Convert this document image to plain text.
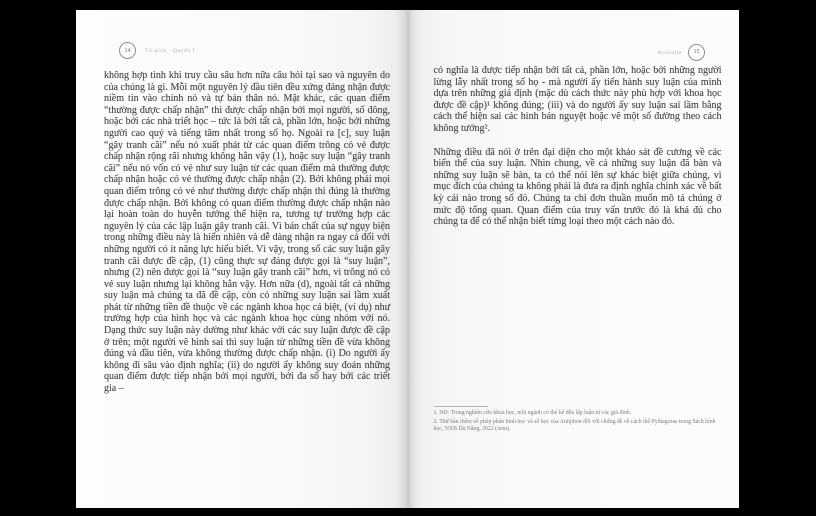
14	Tô-pích · Quyển I
không hợp tình khi truy cầu sâu hơn nữa câu hỏi tại sao và nguyên do của chúng là gì. Mỗi một nguyên lý đầu tiên đều xứng đáng nhận được niềm tin vào chính nó và tự bản thân nó. Mặt khác, các quan điểm “thường được chấp nhận” thì được chấp nhận bởi mọi người, số đông, hoặc bởi các nhà triết học – tức là bởi tất cả, phần lớn, hoặc bởi những người cao quý và tiếng tăm nhất trong số họ. Ngoài ra [c], suy luận “gây tranh cãi” nếu nó xuất phát từ các quan điểm trông có vẻ được chấp nhận rộng rãi nhưng không hẳn vậy (1), hoặc suy luận “gây tranh cãi” nếu nó vốn có vẻ như suy luận từ các quan điểm mà thường được chấp nhận hoặc có vẻ thường được chấp nhận (2). Bởi không phải mọi quan điểm trông có vẻ như thường được chấp nhận thì đúng là thường được chấp nhận. Bởi không có quan điểm thường được chấp nhận nào lại hoàn toàn do huyễn tưởng thể hiện ra, tương tự trường hợp các nguyên lý của các lập luận gây tranh cãi. Vì bản chất của sự ngụy biện trong những điều này là hiển nhiên và dễ dàng nhận ra ngay cả đối với những người có ít năng lực hiểu biết. Vì vậy, trong số các suy luận gây tranh cãi được đề cập, (1) cũng thực sự đáng được gọi là “suy luận”, nhưng (2) nên được gọi là “suy luận gây tranh cãi” hơn, vì trông nó có vẻ suy luận nhưng lại không hẳn vậy. Hơn nữa (d), ngoài tất cả những suy luận mà chúng ta đã đề cập, còn có những suy luận sai lầm xuất phát từ những tiền đề thuộc về các ngành khoa học cá biệt, (ví dụ) như trường hợp của hình học và các ngành khoa học cùng nhóm với nó. Dạng thức suy luận này dường như khác với các suy luận được đề cập ở trên; một người vẽ hình sai thì suy luận từ những tiền đề vừa không đúng và đầu tiên, vừa không thường được chấp nhận. (i) Do người ấy không đi sâu vào định nghĩa; (ii) do người ấy không suy đoán những quan điểm được tiếp nhận bởi mọi người, bởi đa số hay bởi các triết gia –
Aristotle	15

có nghĩa là được tiếp nhận bởi tất cả, phần lớn, hoặc bởi những người lừng lẫy nhất trong số họ - mà người ấy tiến hành suy luận của mình dựa trên những giả định (mặc dù cách thức này phù hợp với khoa học được đề cập)¹ không đúng; (iii) và do người ấy suy luận sai lầm bằng cách thể hiện sai các hình bán nguyệt hoặc vẽ một số đường theo cách không tưởng².

Những điều đã nói ở trên đại diện cho một khảo sát đề cương về các biến thể của suy luận. Nhìn chung, về cả những suy luận đã bàn và những suy luận sẽ bàn, ta có thể nói lên sự khác biệt giữa chúng, vì mục đích của chúng ta không phải là đưa ra định nghĩa chính xác về bất kỳ cái nào trong số đó. Chúng ta chỉ đơn thuần muốn mô tả chúng ở mức độ tổng quan. Quan điểm của truy vấn trước đó là khá đủ cho chúng ta để có thể nhận biết từng loại theo một cách nào đó.

1. ND: Trong nghiên cứu khoa học, mỗi ngành có thể kể đến lập luận từ các giả định.

2. Thử bàn thêm về phép phân hình học và số học của Antiphon đối với chứng đề về cách thể Pythagoras trong Sách hình học, NXB Đà Nẵng, 2022 (xem).
